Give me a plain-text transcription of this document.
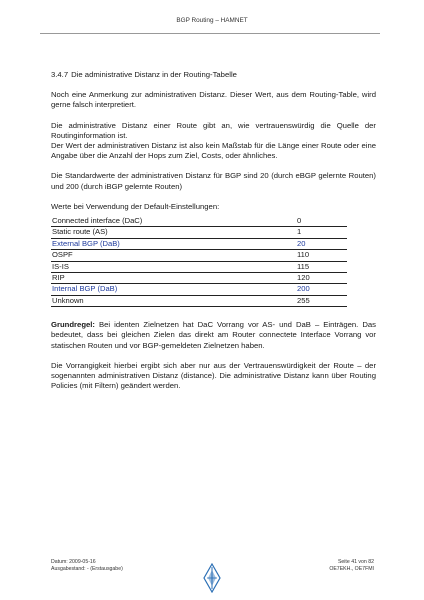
BGP Routing – HAMNET
3.4.7 Die administrative Distanz in der Routing-Tabelle

Noch eine Anmerkung zur administrativen Distanz. Dieser Wert, aus dem Routing-Table, wird gerne falsch interpretiert.

Die administrative Distanz einer Route gibt an, wie vertrauenswürdig die Quelle der Routinginformation ist.

Der Wert der administrativen Distanz ist also kein Maßstab für die Länge einer Route oder eine Angabe über die Anzahl der Hops zum Ziel, Costs, oder ähnliches.

Die Standardwerte der administrativen Distanz für BGP sind 20 (durch eBGP gelernte Routen) und 200 (durch iBGP gelernte Routen)

Werte bei Verwendung der Default-Einstellungen:

Connected interface (DaC)	0
Static route (AS)	1
External BGP (DaB)	20
OSPF	110
IS-IS	115
RIP	120
Internal BGP (DaB)	200
Unknown	255

Grundregel: Bei identen Zielnetzen hat DaC Vorrang vor AS- und DaB – Einträgen. Das bedeutet, dass bei gleichen Zielen das direkt am Router connectete Interface Vorrang vor statischen Routen und vor BGP-gemeldeten Zielnetzen haben.

Die Vorrangigkeit hierbei ergibt sich aber nur aus der Vertrauenswürdigkeit der Route – der sogenannten administrativen Distanz (distance). Die administrative Distanz kann über Routing Policies (mit Filtern) geändert werden.

Datum: 2009-05-16
Ausgabestand: - (Erstausgabe)
Seite 41 von 82
OE7EKH., OE7FMI
